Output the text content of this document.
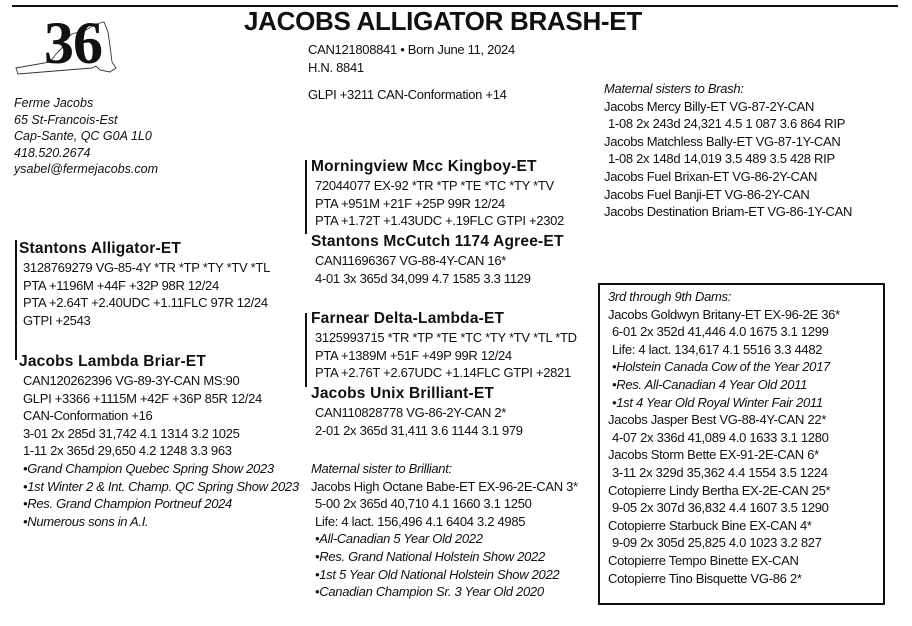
36
Ferme Jacobs
65 St-Francois-Est
Cap-Sante, QC G0A 1L0
418.520.2674
ysabel@fermejacobs.com
JACOBS ALLIGATOR BRASH-ET
CAN121808841 • Born June 11, 2024
H.N. 8841
GLPI +3211 CAN-Conformation +14
Stantons Alligator-ET
3128769279 VG-85-4Y *TR *TP *TY *TV *TL
PTA +1196M +44F +32P 98R 12/24
PTA +2.64T +2.40UDC +1.11FLC 97R 12/24
GTPI +2543
Jacobs Lambda Briar-ET
CAN120262396 VG-89-3Y-CAN MS:90
GLPI +3366 +1115M +42F +36P 85R 12/24
CAN-Conformation +16
3-01 2x 285d 31,742 4.1 1314 3.2 1025
1-11 2x 365d 29,650 4.2 1248 3.3 963
•Grand Champion Quebec Spring Show 2023
•1st Winter 2 & Int. Champ. QC Spring Show 2023
•Res. Grand Champion Portneuf 2024
•Numerous sons in A.I.
Morningview Mcc Kingboy-ET
72044077 EX-92 *TR *TP *TE *TC *TY *TV
PTA +951M +21F +25P 99R 12/24
PTA +1.72T +1.43UDC +.19FLC GTPI +2302
Stantons McCutch 1174 Agree-ET
CAN11696367 VG-88-4Y-CAN 16*
4-01 3x 365d 34,099 4.7 1585 3.3 1129
Farnear Delta-Lambda-ET
3125993715 *TR *TP *TE *TC *TY *TV *TL *TD
PTA +1389M +51F +49P 99R 12/24
PTA +2.76T +2.67UDC +1.14FLC GTPI +2821
Jacobs Unix Brilliant-ET
CAN110828778 VG-86-2Y-CAN 2*
2-01 2x 365d 31,411 3.6 1144 3.1 979
Maternal sister to Brilliant:
Jacobs High Octane Babe-ET EX-96-2E-CAN 3*
5-00 2x 365d 40,710 4.1 1660 3.1 1250
Life: 4 lact. 156,496 4.1 6404 3.2 4985
•All-Canadian 5 Year Old 2022
•Res. Grand National Holstein Show 2022
•1st 5 Year Old National Holstein Show 2022
•Canadian Champion Sr. 3 Year Old 2020
Maternal sisters to Brash:
Jacobs Mercy Billy-ET VG-87-2Y-CAN
1-08 2x 243d 24,321 4.5 1 087 3.6 864 RIP
Jacobs Matchless Bally-ET VG-87-1Y-CAN
1-08 2x 148d 14,019 3.5 489 3.5 428 RIP
Jacobs Fuel Brixan-ET VG-86-2Y-CAN
Jacobs Fuel Banji-ET VG-86-2Y-CAN
Jacobs Destination Briam-ET VG-86-1Y-CAN
3rd through 9th Dams:
Jacobs Goldwyn Britany-ET EX-96-2E 36*
6-01 2x 352d 41,446 4.0 1675 3.1 1299
Life: 4 lact. 134,617 4.1 5516 3.3 4482
•Holstein Canada Cow of the Year 2017
•Res. All-Canadian 4 Year Old 2011
•1st 4 Year Old Royal Winter Fair 2011
Jacobs Jasper Best VG-88-4Y-CAN 22*
4-07 2x 336d 41,089 4.0 1633 3.1 1280
Jacobs Storm Bette EX-91-2E-CAN 6*
3-11 2x 329d 35,362 4.4 1554 3.5 1224
Cotopierre Lindy Bertha EX-2E-CAN 25*
9-05 2x 307d 36,832 4.4 1607 3.5 1290
Cotopierre Starbuck Bine EX-CAN 4*
9-09 2x 305d 25,825 4.0 1023 3.2 827
Cotopierre Tempo Binette EX-CAN
Cotopierre Tino Bisquette VG-86 2*
